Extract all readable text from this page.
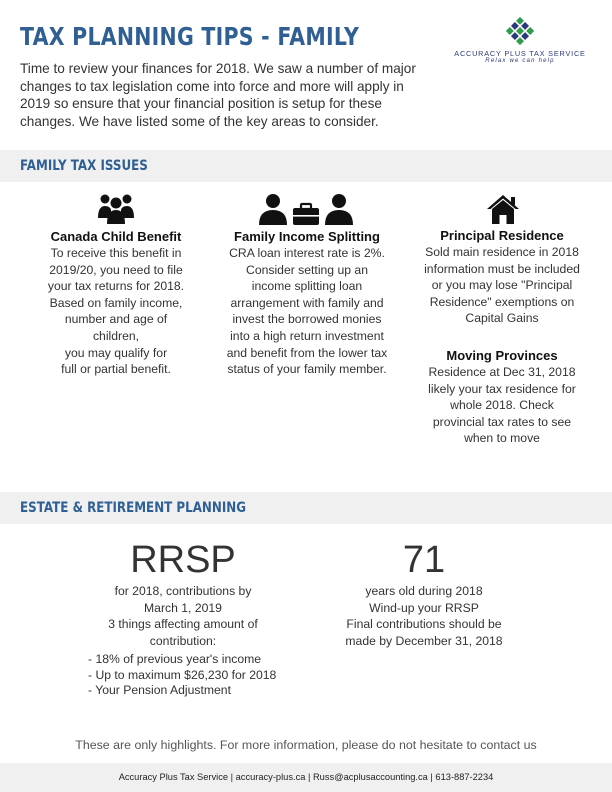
TAX PLANNING TIPS - FAMILY
Time to review your finances for 2018. We saw a number of major changes to tax legislation come into force and more will apply in 2019 so ensure that your financial position is setup for these changes. We have listed some of the key areas to consider.
ACCURACY PLUS TAX SERVICE
Relax we can help
FAMILY TAX ISSUES
Canada Child Benefit

To receive this benefit in

2019/20, you need to file

your tax returns for 2018.

Based on family income,

number and age of

children,

you may qualify for

full or partial benefit.

Family Income Splitting

CRA loan interest rate is 2%.

Consider setting up an

income splitting loan

arrangement with family and

invest the borrowed monies

into a high return investment

and benefit from the lower tax

status of your family member.

Principal Residence

Sold main residence in 2018

information must be included

or you may lose "Principal

Residence" exemptions on

Capital Gains

Moving Provinces

Residence at Dec 31, 2018

likely your tax residence for

whole 2018. Check

provincial tax rates to see

when to move

ESTATE & RETIREMENT PLANNING
RRSP

for 2018, contributions by

March 1, 2019

3 things affecting amount of

contribution:

- 18% of previous year's income
- Up to maximum $26,230 for 2018
- Your Pension Adjustment
71

years old during 2018

Wind-up your RRSP

Final contributions should be

made by December 31, 2018

These are only highlights. For more information, please do not hesitate to contact us
Accuracy Plus Tax Service | accuracy-plus.ca | Russ@acplusaccounting.ca | 613-887-2234
